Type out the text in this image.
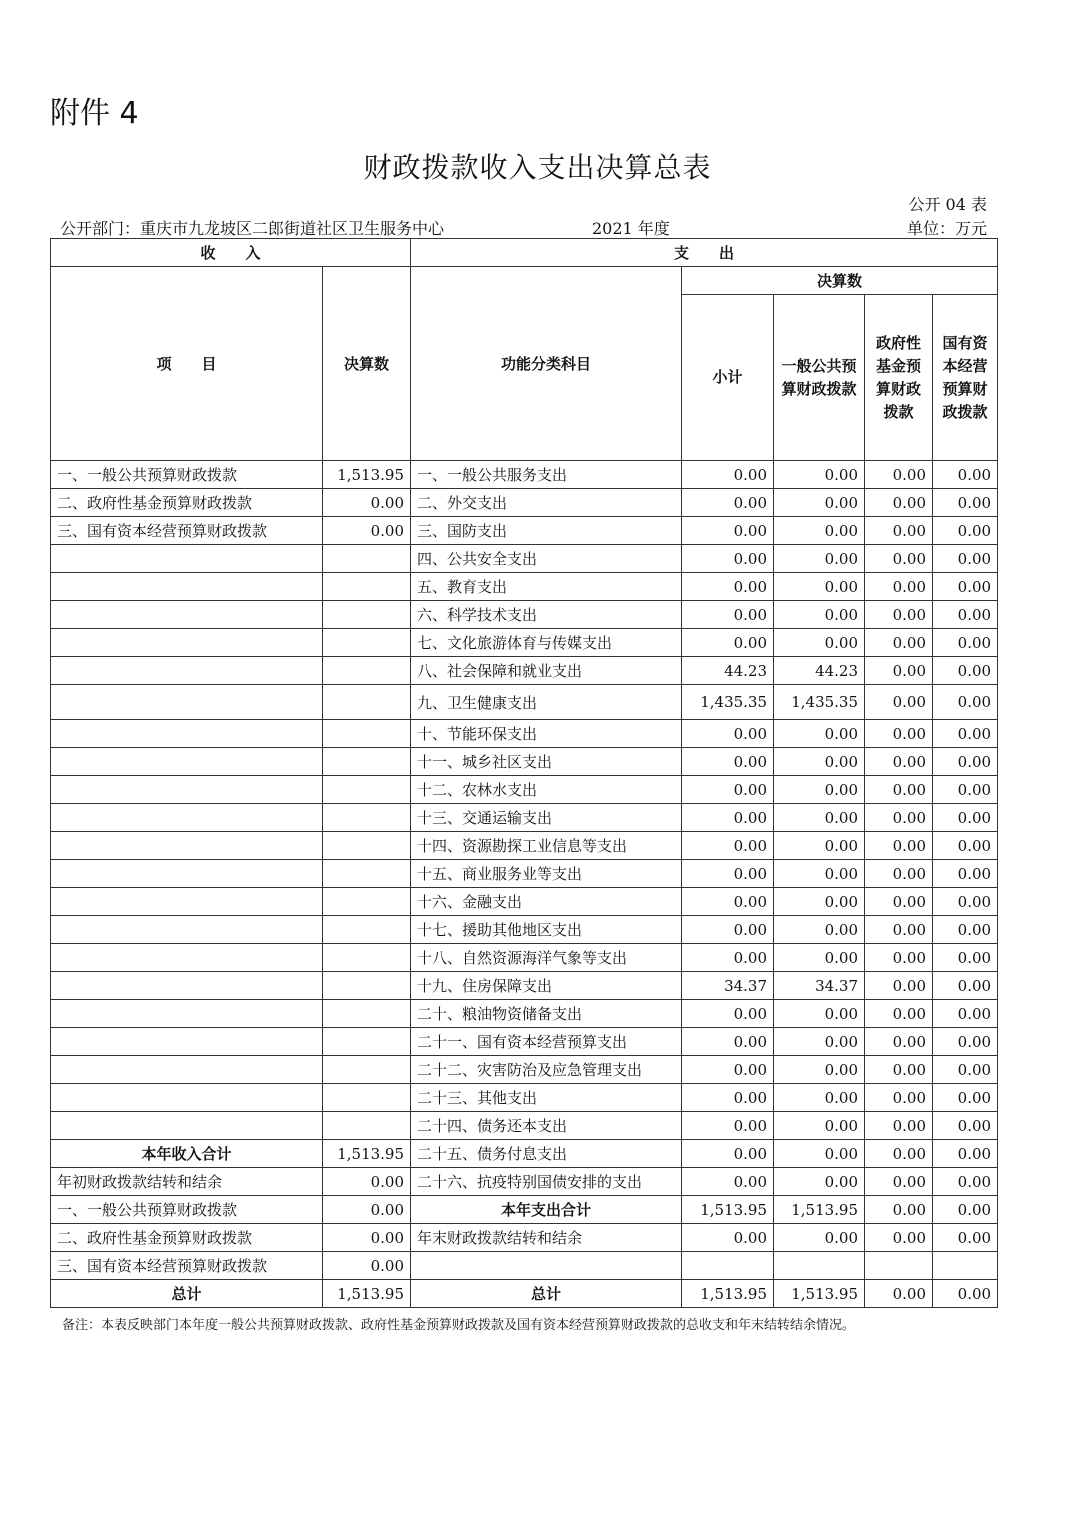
附件 4
财政拨款收入支出决算总表
公开 04 表
公开部门：重庆市九龙坡区二郎街道社区卫生服务中心	2021 年度	单位：万元
收　　入		支　　出				
项　　目	决算数	功能分类科目	决算数			
			小计	一般公共预算财政拨款	政府性基金预算财政拨款	国有资本经营预算财政拨款
一、一般公共预算财政拨款	1,513.95	一、一般公共服务支出	0.00	0.00	0.00	0.00
二、政府性基金预算财政拨款	0.00	二、外交支出	0.00	0.00	0.00	0.00
三、国有资本经营预算财政拨款	0.00	三、国防支出	0.00	0.00	0.00	0.00
		四、公共安全支出	0.00	0.00	0.00	0.00
		五、教育支出	0.00	0.00	0.00	0.00
		六、科学技术支出	0.00	0.00	0.00	0.00
		七、文化旅游体育与传媒支出	0.00	0.00	0.00	0.00
		八、社会保障和就业支出	44.23	44.23	0.00	0.00
		九、卫生健康支出	1,435.35	1,435.35	0.00	0.00
		十、节能环保支出	0.00	0.00	0.00	0.00
		十一、城乡社区支出	0.00	0.00	0.00	0.00
		十二、农林水支出	0.00	0.00	0.00	0.00
		十三、交通运输支出	0.00	0.00	0.00	0.00
		十四、资源勘探工业信息等支出	0.00	0.00	0.00	0.00
		十五、商业服务业等支出	0.00	0.00	0.00	0.00
		十六、金融支出	0.00	0.00	0.00	0.00
		十七、援助其他地区支出	0.00	0.00	0.00	0.00
		十八、自然资源海洋气象等支出	0.00	0.00	0.00	0.00
		十九、住房保障支出	34.37	34.37	0.00	0.00
		二十、粮油物资储备支出	0.00	0.00	0.00	0.00
		二十一、国有资本经营预算支出	0.00	0.00	0.00	0.00
		二十二、灾害防治及应急管理支出	0.00	0.00	0.00	0.00
		二十三、其他支出	0.00	0.00	0.00	0.00
		二十四、债务还本支出	0.00	0.00	0.00	0.00
本年收入合计	1,513.95	二十五、债务付息支出	0.00	0.00	0.00	0.00
年初财政拨款结转和结余	0.00	二十六、抗疫特别国债安排的支出	0.00	0.00	0.00	0.00
一、一般公共预算财政拨款	0.00	本年支出合计	1,513.95	1,513.95	0.00	0.00
二、政府性基金预算财政拨款	0.00	年末财政拨款结转和结余	0.00	0.00	0.00	0.00
三、国有资本经营预算财政拨款	0.00					
总计	1,513.95	总计	1,513.95	1,513.95	0.00	0.00
备注：本表反映部门本年度一般公共预算财政拨款、政府性基金预算财政拨款及国有资本经营预算财政拨款的总收支和年末结转结余情况。
